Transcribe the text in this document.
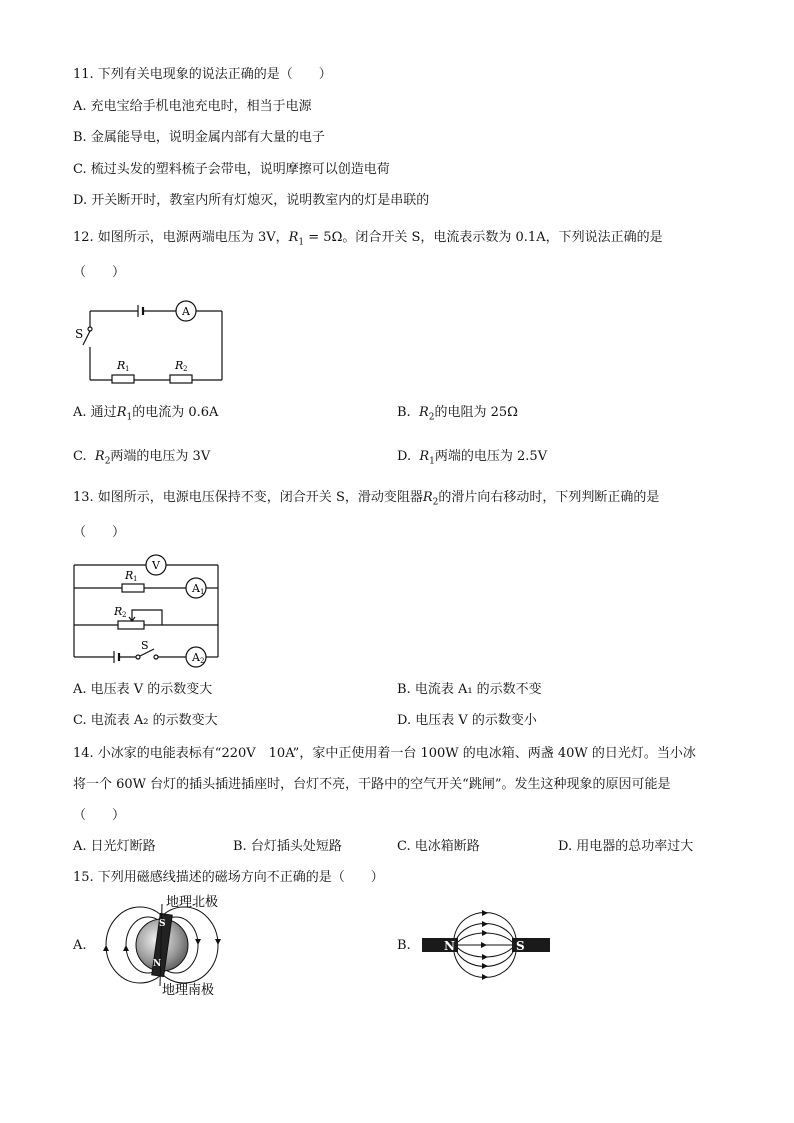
11. 下列有关电现象的说法正确的是（　　）
A. 充电宝给手机电池充电时，相当于电源
B. 金属能导电，说明金属内部有大量的电子
C. 梳过头发的塑料梳子会带电，说明摩擦可以创造电荷
D. 开关断开时，教室内所有灯熄灭，说明教室内的灯是串联的
12. 如图所示，电源两端电压为 3V，$R_1 = 5\Omega$。闭合开关 S，电流表示数为 0.1A，下列说法正确的是
（　　）
A
S
R 1	R 2
A. 通过$R_1$的电流为 0.6A	B. $R_2$的电阻为 25Ω
C. $R_2$两端的电压为 3V	D. $R_1$两端的电压为 2.5V
13. 如图所示，电源电压保持不变，闭合开关 S，滑动变阻器$R_2$的滑片向右移动时，下列判断正确的是
（　　）
V
A 1
A 2
R 1
R 2
S
A. 电压表 V 的示数变大	B. 电流表 A₁ 的示数不变
C. 电流表 A₂ 的示数变大	D. 电压表 V 的示数变小
14. 小冰家的电能表标有“220V　10A”，家中正使用着一台 100W 的电冰箱、两盏 40W 的日光灯。当小冰
将一个 60W 台灯的插头插进插座时，台灯不亮，干路中的空气开关“跳闸”。发生这种现象的原因可能是
（　　）
A. 日光灯断路	B. 台灯插头处短路	C. 电冰箱断路	D. 用电器的总功率过大
15. 下列用磁感线描述的磁场方向不正确的是（　　）
A.
S
N
地理北极
地理南极
B.	N	S
